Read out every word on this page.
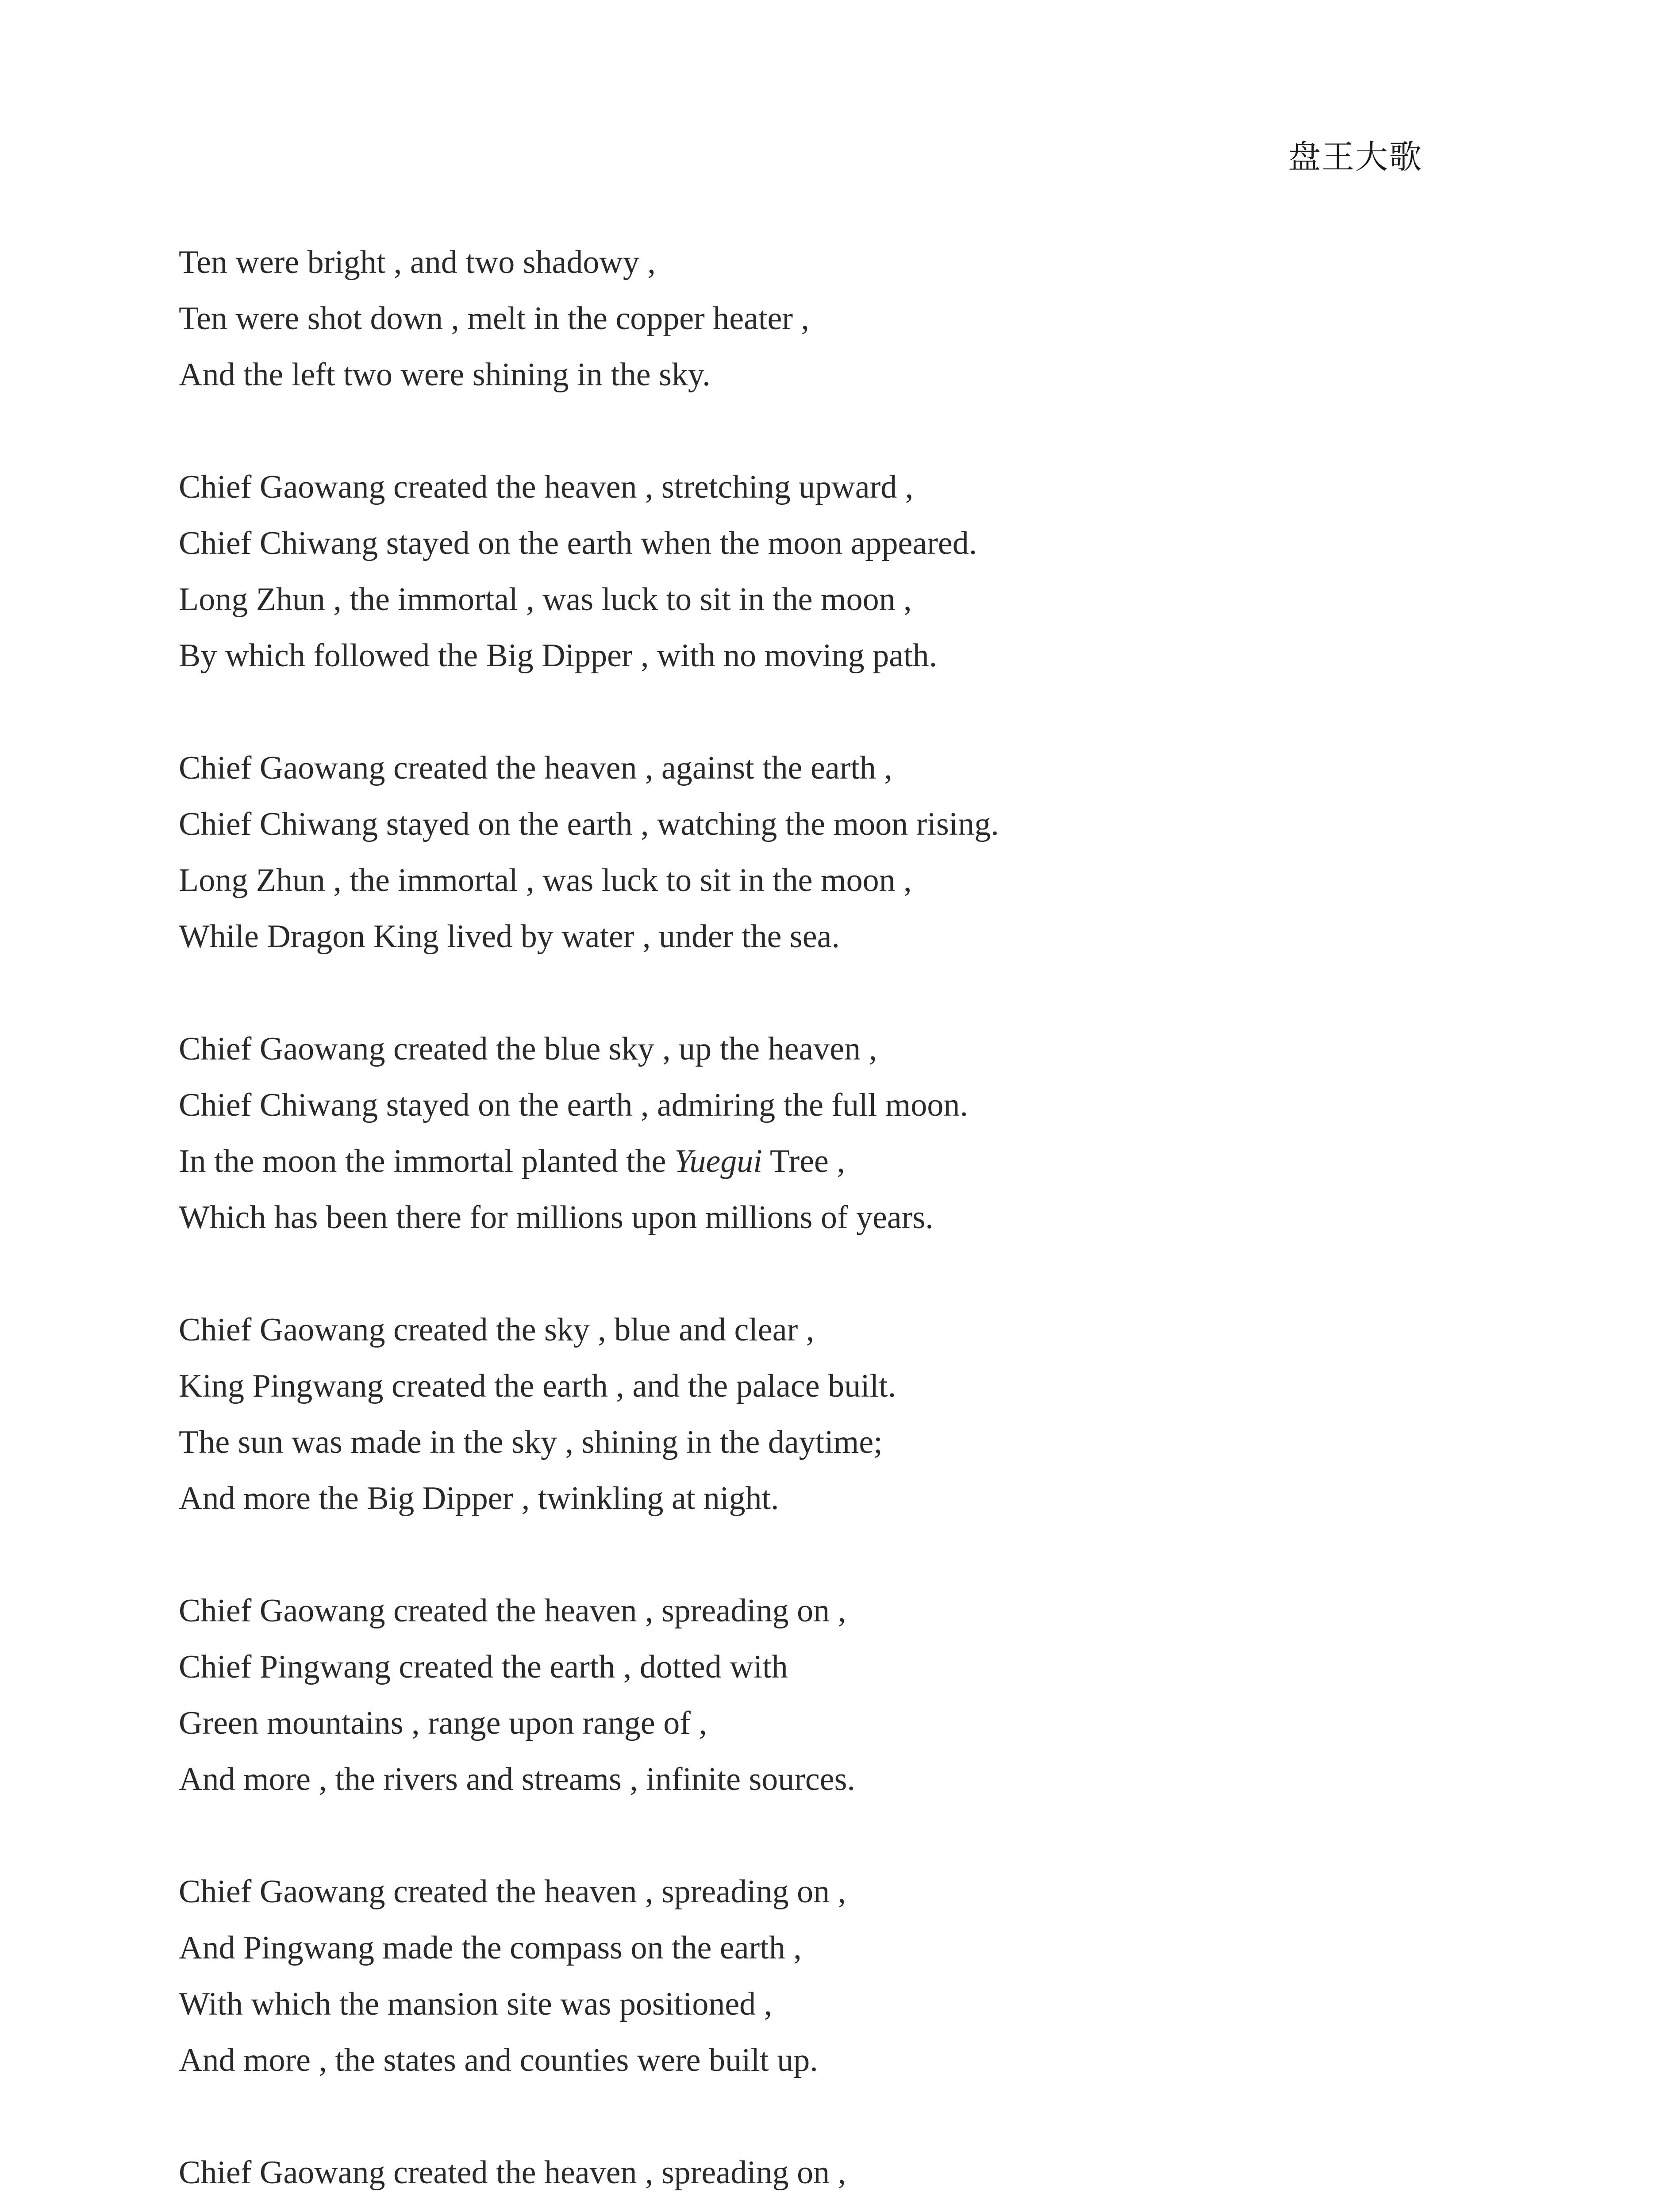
盘王大歌
Ten were bright , and two shadowy ,
Ten were shot down , melt in the copper heater ,
And the left two were shining in the sky.
Chief Gaowang created the heaven , stretching upward ,
Chief Chiwang stayed on the earth when the moon appeared.
Long Zhun , the immortal , was luck to sit in the moon ,
By which followed the Big Dipper , with no moving path.
Chief Gaowang created the heaven , against the earth ,
Chief Chiwang stayed on the earth , watching the moon rising.
Long Zhun , the immortal , was luck to sit in the moon ,
While Dragon King lived by water , under the sea.
Chief Gaowang created the blue sky , up the heaven ,
Chief Chiwang stayed on the earth , admiring the full moon.
In the moon the immortal planted the Yuegui Tree ,
Which has been there for millions upon millions of years.
Chief Gaowang created the sky , blue and clear ,
King Pingwang created the earth , and the palace built.
The sun was made in the sky , shining in the daytime;
And more the Big Dipper , twinkling at night.
Chief Gaowang created the heaven , spreading on ,
Chief Pingwang created the earth , dotted with
Green mountains , range upon range of ,
And more , the rivers and streams , infinite sources.
Chief Gaowang created the heaven , spreading on ,
And Pingwang made the compass on the earth ,
With which the mansion site was positioned ,
And more , the states and counties were built up.
Chief Gaowang created the heaven , spreading on ,
